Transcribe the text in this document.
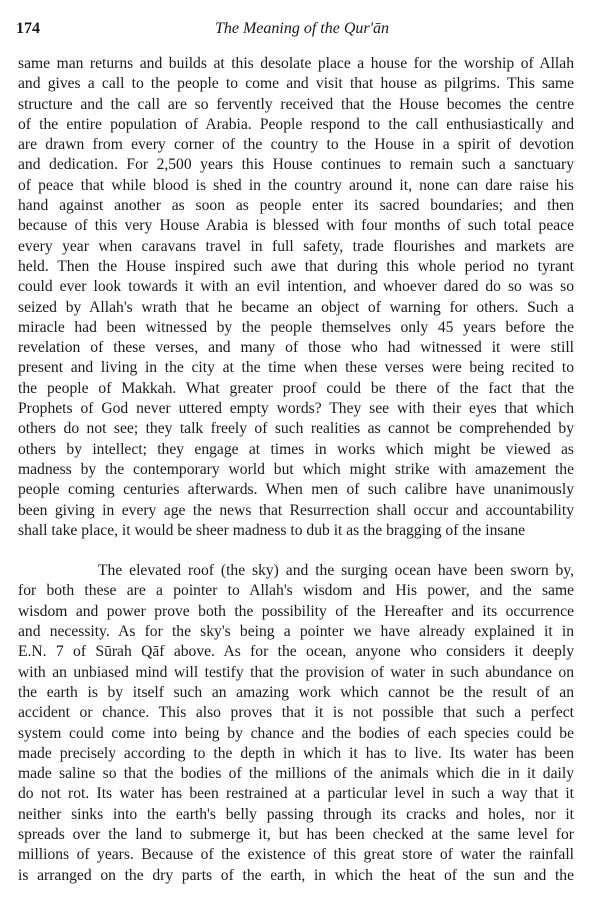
174	The Meaning of the Qur'ān
same man returns and builds at this desolate place a house for the worship of Allah
and gives a call to the people to come and visit that house as pilgrims. This same
structure and the call are so fervently received that the House becomes the centre
of the entire population of Arabia. People respond to the call enthusiastically and
are drawn from every corner of the country to the House in a spirit of devotion
and dedication. For 2,500 years this House continues to remain such a sanctuary
of peace that while blood is shed in the country around it, none can dare raise his
hand against another as soon as people enter its sacred boundaries; and then
because of this very House Arabia is blessed with four months of such total peace
every year when caravans travel in full safety, trade flourishes and markets are
held. Then the House inspired such awe that during this whole period no tyrant
could ever look towards it with an evil intention, and whoever dared do so was so
seized by Allah's wrath that he became an object of warning for others. Such a
miracle had been witnessed by the people themselves only 45 years before the
revelation of these verses, and many of those who had witnessed it were still
present and living in the city at the time when these verses were being recited to
the people of Makkah. What greater proof could be there of the fact that the
Prophets of God never uttered empty words? They see with their eyes that which
others do not see; they talk freely of such realities as cannot be comprehended by
others by intellect; they engage at times in works which might be viewed as
madness by the contemporary world but which might strike with amazement the
people coming centuries afterwards. When men of such calibre have unanimously
been giving in every age the news that Resurrection shall occur and accountability
shall take place, it would be sheer madness to dub it as the bragging of the insane
The elevated roof (the sky) and the surging ocean have been sworn by,
for both these are a pointer to Allah's wisdom and His power, and the same
wisdom and power prove both the possibility of the Hereafter and its occurrence
and necessity. As for the sky's being a pointer we have already explained it in
E.N. 7 of Sūrah Qāf above. As for the ocean, anyone who considers it deeply
with an unbiased mind will testify that the provision of water in such abundance on
the earth is by itself such an amazing work which cannot be the result of an
accident or chance. This also proves that it is not possible that such a perfect
system could come into being by chance and the bodies of each species could be
made precisely according to the depth in which it has to live. Its water has been
made saline so that the bodies of the millions of the animals which die in it daily
do not rot. Its water has been restrained at a particular level in such a way that it
neither sinks into the earth's belly passing through its cracks and holes, nor it
spreads over the land to submerge it, but has been checked at the same level for
millions of years. Because of the existence of this great store of water the rainfall
is arranged on the dry parts of the earth, in which the heat of the sun and the
